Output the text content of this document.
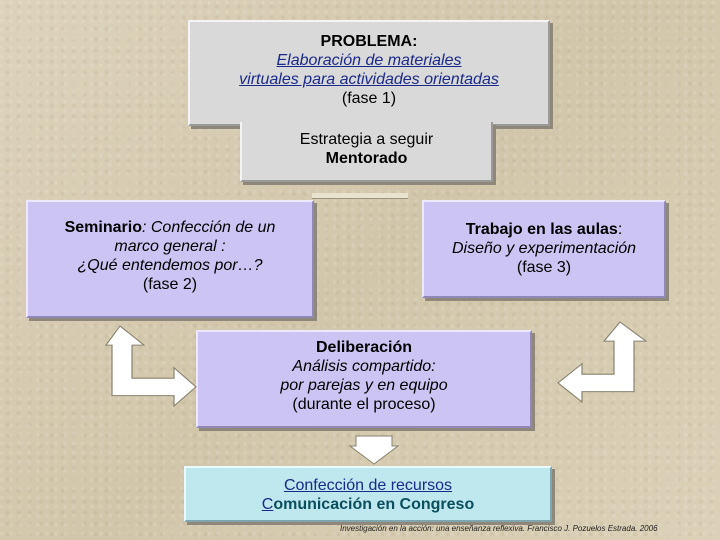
PROBLEMA:
Elaboración de materiales
virtuales para actividades orientadas
(fase 1)
Estrategia a seguir
Mentorado
Seminario: Confección de un
marco general :
¿Qué entendemos por…?
(fase 2)
Trabajo en las aulas:
Diseño y experimentación
(fase 3)
Deliberación
Análisis compartido:
por parejas y en equipo
(durante el proceso)
Confección de recursos
Comunicación en Congreso
Investigación en la acción: una enseñanza reflexiva. Francisco J. Pozuelos Estrada. 2006
